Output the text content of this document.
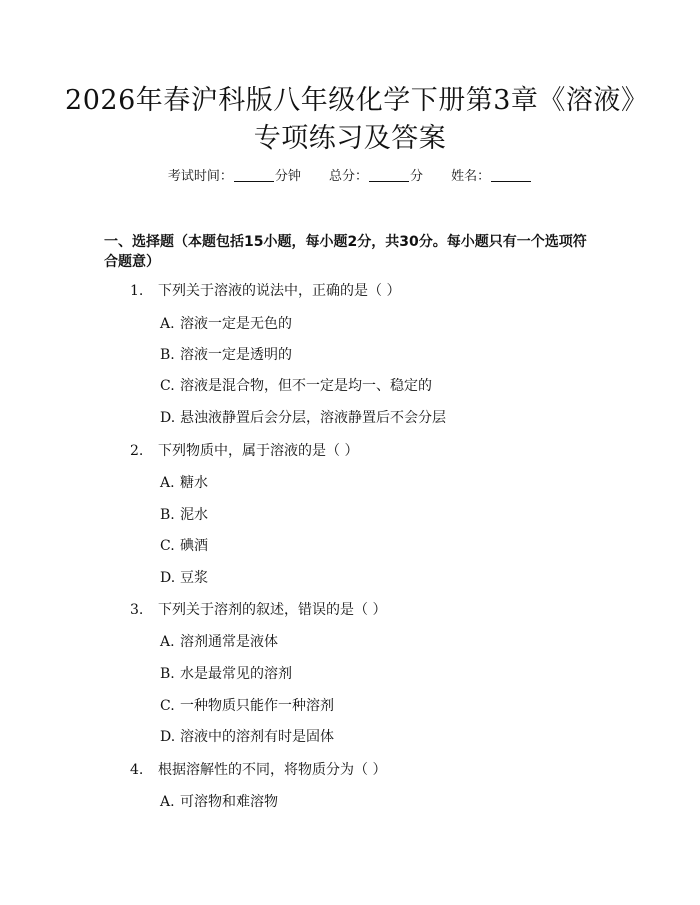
2026年春沪科版八年级化学下册第3章《溶液》专项练习及答案
考试时间：	分钟 总分：	分 姓名：
一、选择题（本题包括15小题，每小题2分，共30分。每小题只有一个选项符合题意）
1. 下列关于溶液的说法中，正确的是（ ）
A. 溶液一定是无色的
B. 溶液一定是透明的
C. 溶液是混合物，但不一定是均一、稳定的
D. 悬浊液静置后会分层，溶液静置后不会分层
2. 下列物质中，属于溶液的是（ ）
A. 糖水
B. 泥水
C. 碘酒
D. 豆浆
3. 下列关于溶剂的叙述，错误的是（ ）
A. 溶剂通常是液体
B. 水是最常见的溶剂
C. 一种物质只能作一种溶剂
D. 溶液中的溶剂有时是固体
4. 根据溶解性的不同，将物质分为（ ）
A. 可溶物和难溶物
